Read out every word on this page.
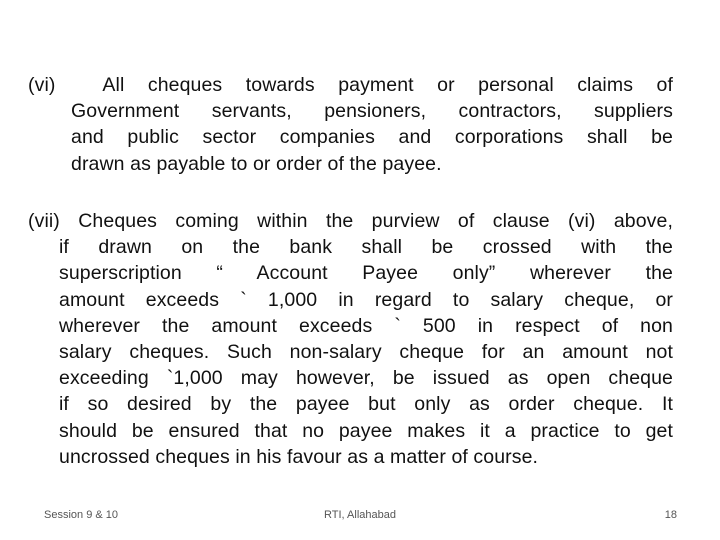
(vi) All cheques towards payment or personal claims of
Government servants, pensioners, contractors, suppliers
and public sector companies and corporations shall be
drawn as payable to or order of the payee.
(vii) Cheques coming within the purview of clause (vi) above,
if drawn on the bank shall be crossed with the
superscription “ Account Payee only” wherever the
amount exceeds ` 1,000 in regard to salary cheque, or
wherever the amount exceeds ` 500 in respect of non
salary cheques. Such non-salary cheque for an amount not
exceeding `1,000 may however, be issued as open cheque
if so desired by the payee but only as order cheque. It
should be ensured that no payee makes it a practice to get
uncrossed cheques in his favour as a matter of course.
Session 9 & 10	RTI, Allahabad	18
